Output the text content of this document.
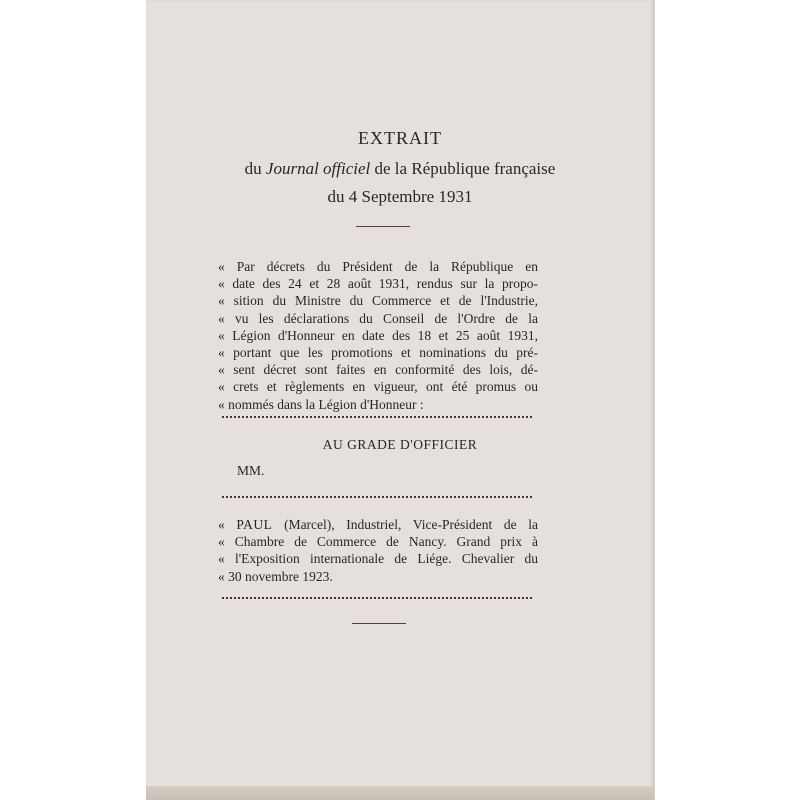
EXTRAIT
du Journal officiel de la République française
du 4 Septembre 1931
« Par décrets du Président de la République en
« date des 24 et 28 août 1931, rendus sur la propo-
« sition du Ministre du Commerce et de l'Industrie,
« vu les déclarations du Conseil de l'Ordre de la
« Légion d'Honneur en date des 18 et 25 août 1931,
« portant que les promotions et nominations du pré-
« sent décret sont faites en conformité des lois, dé-
« crets et règlements en vigueur, ont été promus ou
« nommés dans la Légion d'Honneur :
AU GRADE D'OFFICIER
MM.
« PAUL (Marcel), Industriel, Vice-Président de la
« Chambre de Commerce de Nancy. Grand prix à
« l'Exposition internationale de Liége. Chevalier du
« 30 novembre 1923.
